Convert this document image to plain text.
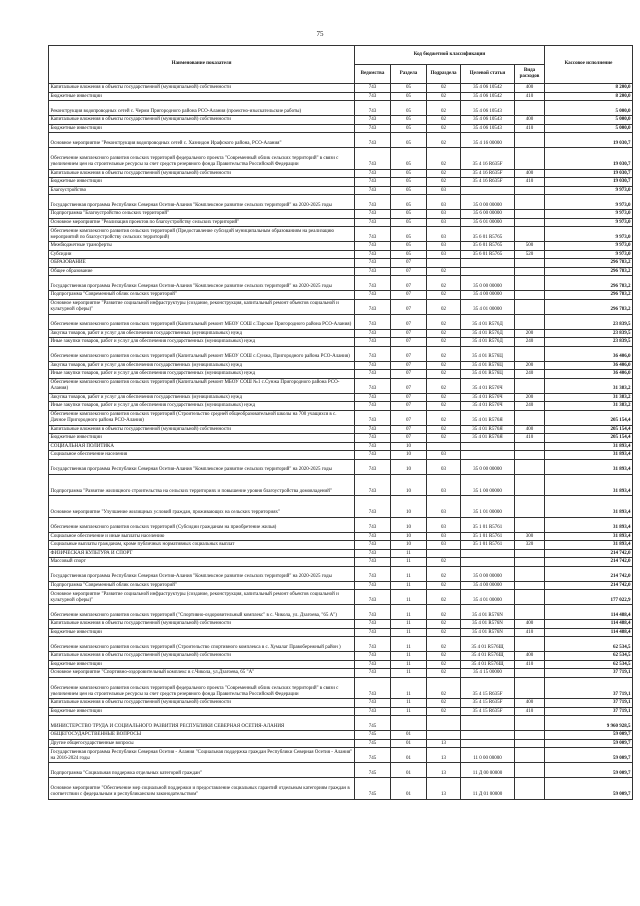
75
Наименование показателя	Код бюджетной классификации					Кассовое исполнение
	Ведомства	Раздела	Подраздела	Целевой статьи	Вида расходов	
Капитальные вложения в объекты государственной (муниципальной) собственности	743	05	02	35 4 06 10542	400	8 200,0
Бюджетные инвестиции	743	05	02	35 4 06 10542	410	8 200,0
Реконструкция водопроводных сетей с. Черми Пригородного района РСО-Алания (проектно-изыскательские работы)	743	05	02	35 4 06 10543		5 000,0
Капитальные вложения в объекты государственной (муниципальной) собственности	743	05	02	35 4 06 10543	400	5 000,0
Бюджетные инвестиции	743	05	02	35 4 06 10543	410	5 000,0
Основное мероприятие "Реконструкция водопроводных сетей с. Хазнидон Ирафского района, РСО-Алания"	743	05	02	35 4 16 00000		19 030,7
Обеспечение комплексного развития сельских территорий федерального проекта "Современный облик сельских территорий" в связи с увеличением цен на строительные ресурсы за счет средств резервного фонда Правительства Российской Федерации	743	05	02	35 4 16 R635F		19 030,7
Капитальные вложения в объекты государственной (муниципальной) собственности	743	05	02	35 4 16 R635F	400	19 030,7
Бюджетные инвестиции	743	05	02	35 4 16 R635F	410	19 030,7
Благоустройство	743	05	03			9 973,0
Государственная программа Республики Северная Осетия-Алания "Комплексное развитие сельских территорий" на 2020-2025 годы	743	05	03	35 0 00 00000		9 973,0
Подпрограмма "Благоустройство сельских территорий"	743	05	03	35 6 00 00000		9 973,0
Основное мероприятие "Реализация проектов по благоустройству сельских территорий"	743	05	03	35 6 01 00000		9 973,0
Обеспечение комплексного развития сельских территорий (Предоставление субсидий муниципальным образованиям на реализацию мероприятий по благоустройству сельских территорий)	743	05	03	35 6 01 R5765		9 973,0
Межбюджетные трансферты	743	05	03	35 6 01 R5765	500	9 973,0
Субсидии	743	05	03	35 6 01 R5765	520	9 973,0
ОБРАЗОВАНИЕ	743	07				296 783,2
Общее образование	743	07	02			296 783,2
Государственная программа Республики Северная Осетия-Алания "Комплексное развитие сельских территорий" на 2020-2025 годы	743	07	02	35 0 00 00000		296 783,2
Подпрограмма "Современный облик сельских территорий"	743	07	02	35 4 00 00000		296 783,2
Основное мероприятие "Развитие социальной инфраструктуры (создание, реконструкция, капитальный ремонт объектов социальной и культурной сферы)"	743	07	02	35 4 01 00000		296 783,2
Обеспечение комплексного развития сельских территорий (Капитальный ремонт МБОУ СОШ с.Тарское Пригородного района РСО-Алания)	743	07	02	35 4 01 R576Д		23 839,5
Закупка товаров, работ и услуг для обеспечения государственных (муниципальных) нужд	743	07	02	35 4 01 R576Д	200	23 839,5
Иные закупки товаров, работ и услуг для обеспечения государственных (муниципальных) нужд	743	07	02	35 4 01 R576Д	240	23 839,5
Обеспечение комплексного развития сельских территорий (Капитальный ремонт МБОУ СОШ с.Сунжа, Пригородного района РСО-Алания)	743	07	02	35 4 01 R576Ц		36 406,0
Закупка товаров, работ и услуг для обеспечения государственных (муниципальных) нужд	743	07	02	35 4 01 R576Ц	200	36 406,0
Иные закупки товаров, работ и услуг для обеспечения государственных (муниципальных) нужд	743	07	02	35 4 01 R576Ц	240	36 406,0
Обеспечение комплексного развития сельских территорий (Капитальный ремонт МБОУ СОШ №1 с.Сунжа Пригородного района РСО-Алания)	743	07	02	35 4 01 R576Ч		31 383,2
Закупка товаров, работ и услуг для обеспечения государственных (муниципальных) нужд	743	07	02	35 4 01 R576Ч	200	31 383,2
Иные закупки товаров, работ и услуг для обеспечения государственных (муниципальных) нужд	743	07	02	35 4 01 R576Ч	240	31 383,2
Обеспечение комплексного развития сельских территорий (Строительство средней общеобразовательной школы на 700 учащихся в с. Дачное Пригородного района РСО-Алания)	743	07	02	35 4 01 R576Я		205 154,4
Капитальные вложения в объекты государственной (муниципальной) собственности	743	07	02	35 4 01 R576Я	400	205 154,4
Бюджетные инвестиции	743	07	02	35 4 01 R576Я	410	205 154,4
СОЦИАЛЬНАЯ ПОЛИТИКА	743	10				31 893,4
Социальное обеспечение населения	743	10	03			31 893,4
Государственная программа Республики Северная Осетия-Алания "Комплексное развитие сельских территорий" на 2020-2025 годы	743	10	03	35 0 00 00000		31 893,4
Подпрограмма "Развитие жилищного строительства на сельских территориях и повышение уровня благоустройства домовладений"	743	10	03	35 1 00 00000		31 893,4
Основное мероприятие "Улучшение жилищных условий граждан, проживающих на сельских территориях"	743	10	03	35 1 01 00000		31 893,4
Обеспечение комплексного развития сельских территорий (Субсидии гражданам на приобретение жилья)	743	10	03	35 1 01 R5761		31 893,4
Социальное обеспечение и иные выплаты населению	743	10	03	35 1 01 R5761	300	31 893,4
Социальные выплаты гражданам, кроме публичных нормативных социальных выплат	743	10	03	35 1 01 R5761	320	31 893,4
ФИЗИЧЕСКАЯ КУЛЬТУРА И СПОРТ	743	11				214 742,0
Массовый спорт	743	11	02			214 742,0
Государственная программа Республики Северная Осетия-Алания "Комплексное развитие сельских территорий" на 2020-2025 годы	743	11	02	35 0 00 00000		214 742,0
Подпрограмма "Современный облик сельских территорий"	743	11	02	35 4 00 00000		214 742,0
Основное мероприятие "Развитие социальной инфраструктуры (создание, реконструкция, капитальный ремонт объектов социальной и культурной сферы)"	743	11	02	35 4 01 00000		177 022,9
Обеспечение комплексного развития сельских территорий ("Спортивно-оздоровительный комплекс" в с. Чикола, ул. Дзагоева, "65 А")	743	11	02	35 4 01 R576N		114 488,4
Капитальные вложения в объекты государственной (муниципальной) собственности	743	11	02	35 4 01 R576N	400	114 488,4
Бюджетные инвестиции	743	11	02	35 4 01 R576N	410	114 488,4
Обеспечение комплексного развития сельских территорий (Строительство спортивного комплекса в с. Хумалаг Правобережный район )	743	11	02	35 4 01 R576Щ		62 534,5
Капитальные вложения в объекты государственной (муниципальной) собственности	743	11	02	35 4 01 R576Щ	400	62 534,5
Бюджетные инвестиции	743	11	02	35 4 01 R576Щ	410	62 534,5
Основное мероприятие "Спортивно-оздоровительный комплекс в с.Чикола, ул.Дзагоева, 65 "А"	743	11	02	35 4 15 00000		37 719,1
Обеспечение комплексного развития сельских территорий федерального проекта "Современный облик сельских территорий" в связи с увеличением цен на строительные ресурсы за счет средств резервного фонда Правительства Российской Федерации	743	11	02	35 4 15 R635F		37 719,1
Капитальные вложения в объекты государственной (муниципальной) собственности	743	11	02	35 4 15 R635F	400	37 719,1
Бюджетные инвестиции	743	11	02	35 4 15 R635F	410	37 719,1
МИНИСТЕРСТВО ТРУДА И СОЦИАЛЬНОГО РАЗВИТИЯ РЕСПУБЛИКИ СЕВЕРНАЯ ОСЕТИЯ-АЛАНИЯ	745					9 960 928,5
ОБЩЕГОСУДАРСТВЕННЫЕ ВОПРОСЫ	745	01				59 009,7
Другие общегосударственные вопросы	745	01	13			59 009,7
Государственная программа Республики Северная Осетия - Алания "Социальная поддержка граждан Республики Северная Осетия - Алания" на 2016-2024 годы	745	01	13	11 0 00 00000		59 009,7
Подпрограмма "Социальная поддержка отдельных категорий граждан"	745	01	13	11 Д 00 00000		59 009,7
Основное мероприятие "Обеспечение мер социальной поддержки и предоставление социальных гарантий отдельным категориям граждан в соответствии с федеральным и республиканским законодательством"	745	01	13	11 Д 01 00000		59 009,7
